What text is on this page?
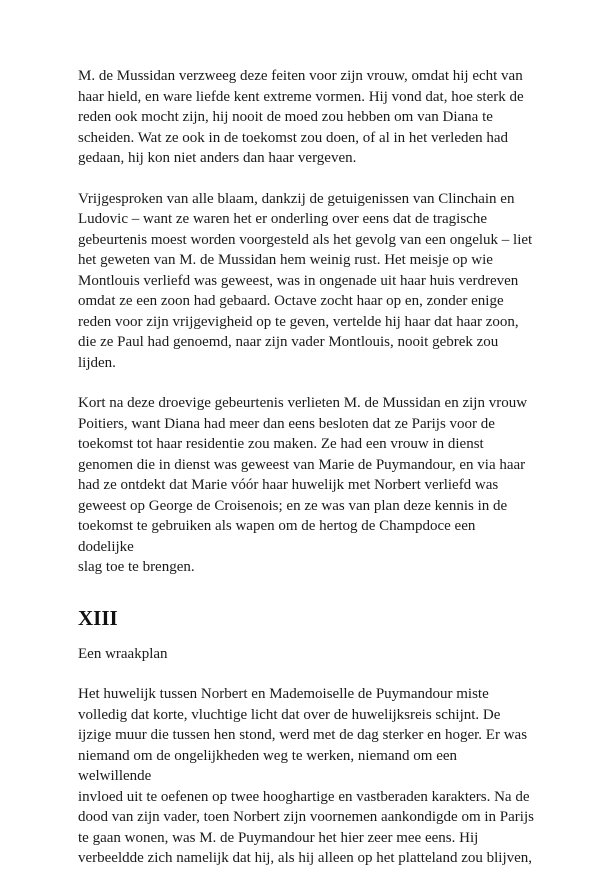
M. de Mussidan verzweeg deze feiten voor zijn vrouw, omdat hij echt van
haar hield, en ware liefde kent extreme vormen. Hij vond dat, hoe sterk de
reden ook mocht zijn, hij nooit de moed zou hebben om van Diana te
scheiden. Wat ze ook in de toekomst zou doen, of al in het verleden had
gedaan, hij kon niet anders dan haar vergeven.

Vrijgesproken van alle blaam, dankzij de getuigenissen van Clinchain en
Ludovic – want ze waren het er onderling over eens dat de tragische
gebeurtenis moest worden voorgesteld als het gevolg van een ongeluk – liet
het geweten van M. de Mussidan hem weinig rust. Het meisje op wie
Montlouis verliefd was geweest, was in ongenade uit haar huis verdreven
omdat ze een zoon had gebaard. Octave zocht haar op en, zonder enige
reden voor zijn vrijgevigheid op te geven, vertelde hij haar dat haar zoon,
die ze Paul had genoemd, naar zijn vader Montlouis, nooit gebrek zou
lijden.

Kort na deze droevige gebeurtenis verlieten M. de Mussidan en zijn vrouw
Poitiers, want Diana had meer dan eens besloten dat ze Parijs voor de
toekomst tot haar residentie zou maken. Ze had een vrouw in dienst
genomen die in dienst was geweest van Marie de Puymandour, en via haar
had ze ontdekt dat Marie vóór haar huwelijk met Norbert verliefd was
geweest op George de Croisenois; en ze was van plan deze kennis in de
toekomst te gebruiken als wapen om de hertog de Champdoce een dodelijke
slag toe te brengen.

XIII

Een wraakplan

Het huwelijk tussen Norbert en Mademoiselle de Puymandour miste
volledig dat korte, vluchtige licht dat over de huwelijksreis schijnt. De
ijzige muur die tussen hen stond, werd met de dag sterker en hoger. Er was
niemand om de ongelijkheden weg te werken, niemand om een welwillende
invloed uit te oefenen op twee hooghartige en vastberaden karakters. Na de
dood van zijn vader, toen Norbert zijn voornemen aankondigde om in Parijs
te gaan wonen, was M. de Puymandour het hier zeer mee eens. Hij
verbeeldde zich namelijk dat hij, als hij alleen op het platteland zou blijven,
